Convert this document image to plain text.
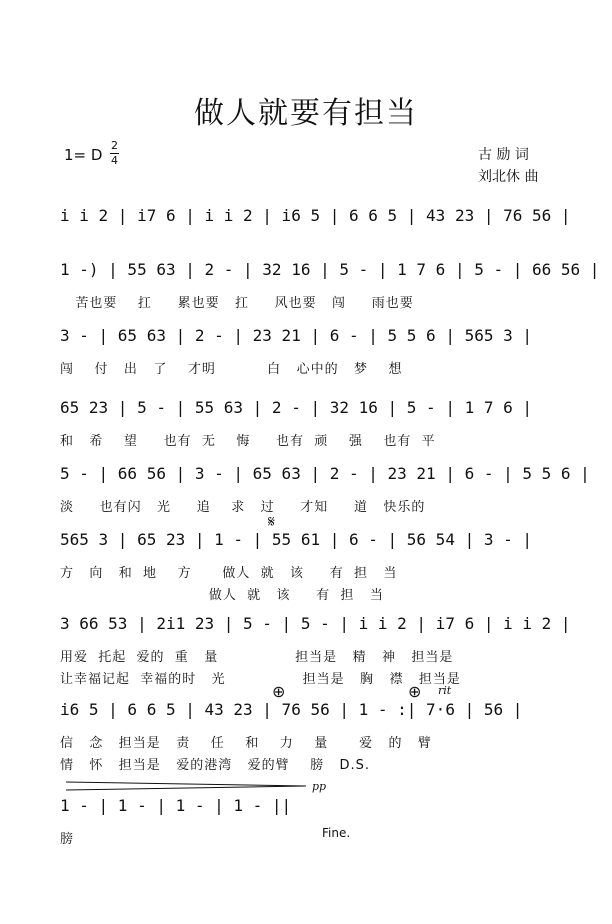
做人就要有担当
1= D
2
4	古 励 词
刘北休 曲
i i 2 | i7 6 | i i 2 | i6 5 | 6 6 5 | 43 23 | 76 56 |
1 -) | 55 63 | 2 - | 32 16 | 5 - | 1 7 6 | 5 - | 66 56 |
苦也要    扛     累也要   扛     风也要   闯     雨也要
3 - | 65 63 | 2 - | 23 21 | 6 - | 5 5 6 | 565 3 |
闯    付   出   了    才明          白   心中的   梦    想
65 23 | 5 - | 55 63 | 2 - | 32 16 | 5 - | 1 7 6 |
和   希    望     也有  无    悔     也有  顽    强    也有  平
5 - | 66 56 | 3 - | 65 63 | 2 - | 23 21 | 6 - | 5 5 6 |
淡     也有闪   光     追    求   过     才知     道   快乐的
565 3 | 65 23 | 1 - | 55 61 | 6 - | 56 54 | 3 - |
方   向   和  地    方      做人  就   该     有  担   当
做人  就   该     有  担   当
3 66 53 | 2i1 23 | 5 - | 5 - | i i 2 | i7 6 | i i 2 |
用爱  托起  爱的  重   量               担当是   精   神   担当是
让幸福记起  幸福的时   光               担当是   胸   襟   担当是
i6 5 | 6 6 5 | 43 23 | 76 56 | 1 - :| 7·6 | 56 |
信   念   担当是   责    任    和    力    量      爱   的   臂
情   怀   担当是   爱的港湾   爱的臂    膀   D.S.
1 - | 1 - | 1 - | 1 - ||
膀
𝄋
⊕	⊕ rit
pp
Fine.
